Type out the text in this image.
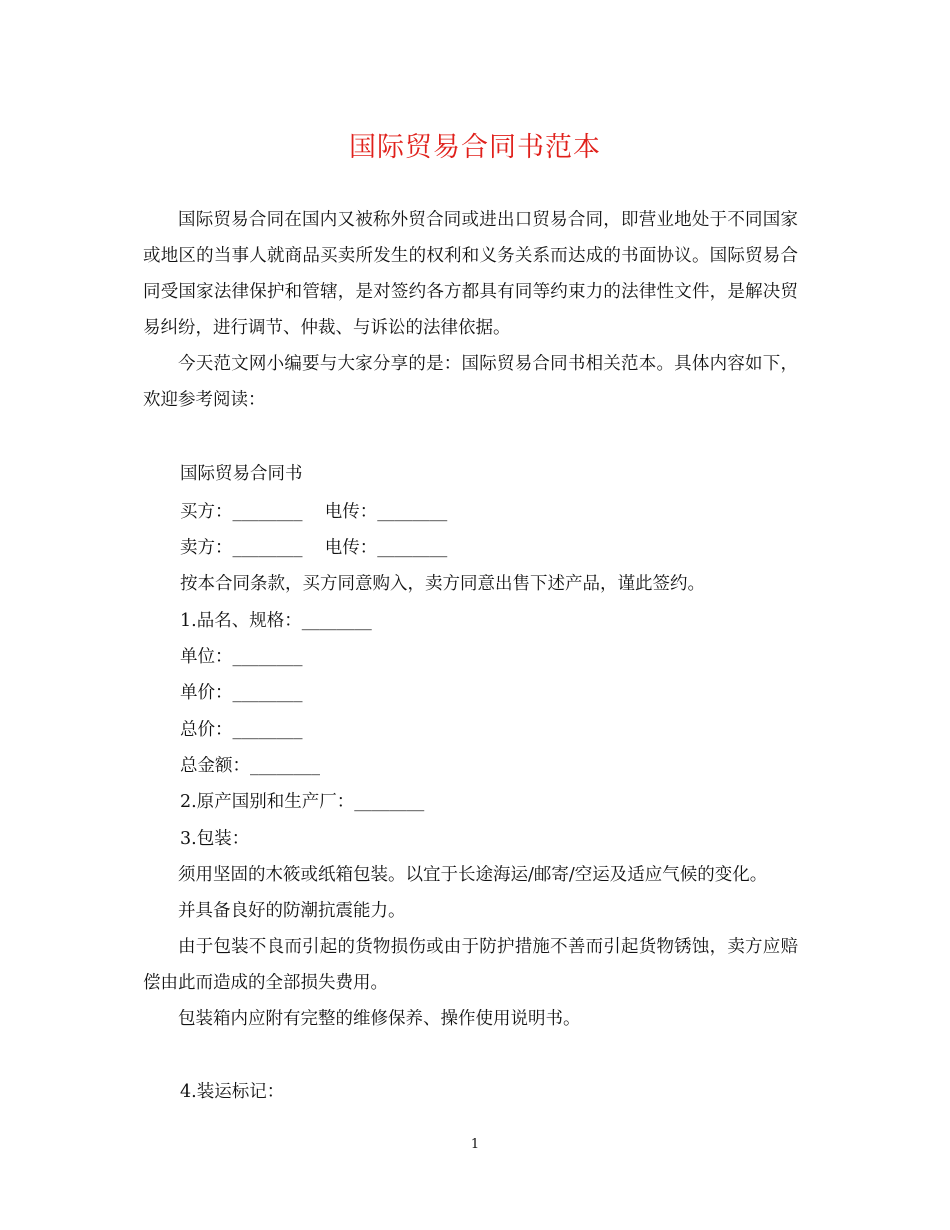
国际贸易合同书范本

国际贸易合同在国内又被称外贸合同或进出口贸易合同，即营业地处于不同国家或地区的当事人就商品买卖所发生的权利和义务关系而达成的书面协议。国际贸易合同受国家法律保护和管辖，是对签约各方都具有同等约束力的法律性文件，是解决贸易纠纷，进行调节、仲裁、与诉讼的法律依据。

今天范文网小编要与大家分享的是：国际贸易合同书相关范本。具体内容如下，欢迎参考阅读：

国际贸易合同书
买方：________    电传：________
卖方：________    电传：________
按本合同条款，买方同意购入，卖方同意出售下述产品，谨此签约。
1.品名、规格：________
单位：________
单价：________
总价：________
总金额：________
2.原产国别和生产厂：________
3.包装：

须用坚固的木筱或纸箱包装。以宜于长途海运/邮寄/空运及适应气候的变化。

并具备良好的防潮抗震能力。

由于包装不良而引起的货物损伤或由于防护措施不善而引起货物锈蚀，卖方应赔偿由此而造成的全部损失费用。

包装箱内应附有完整的维修保养、操作使用说明书。

4.装运标记：
1
